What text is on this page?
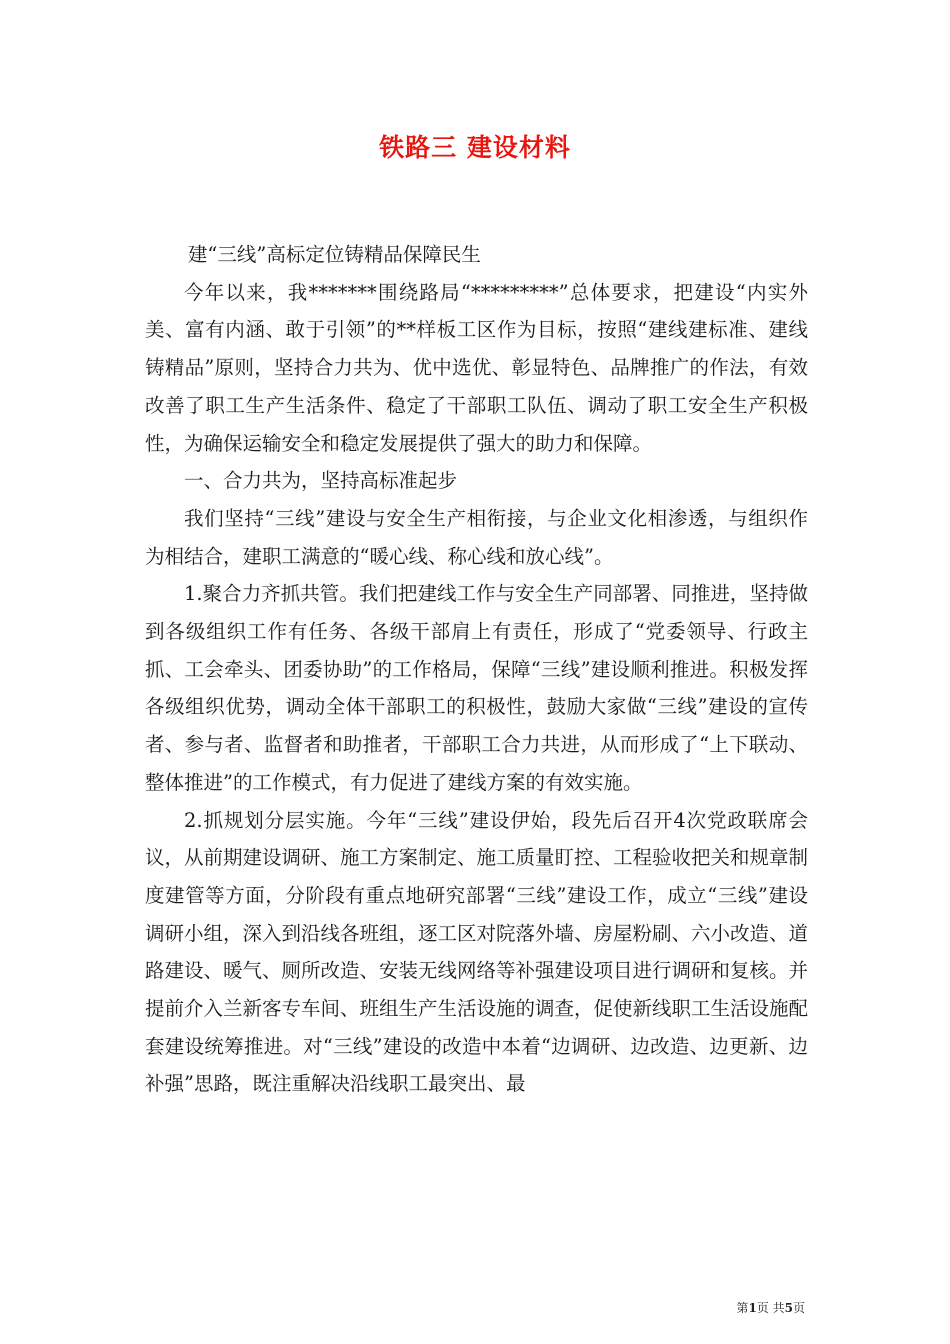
铁路三 建设材料

建“三线”高标定位铸精品保障民生

今年以来，我*******围绕路局“*********”总体要求，把建设“内实外美、富有内涵、敢于引领”的**样板工区作为目标，按照“建线建标准、建线铸精品”原则，坚持合力共为、优中选优、彰显特色、品牌推广的作法，有效改善了职工生产生活条件、稳定了干部职工队伍、调动了职工安全生产积极性，为确保运输安全和稳定发展提供了强大的助力和保障。

一、合力共为，坚持高标准起步

我们坚持“三线”建设与安全生产相衔接，与企业文化相渗透，与组织作为相结合，建职工满意的“暖心线、称心线和放心线”。

1.聚合力齐抓共管。我们把建线工作与安全生产同部署、同推进，坚持做到各级组织工作有任务、各级干部肩上有责任，形成了“党委领导、行政主抓、工会牵头、团委协助”的工作格局，保障“三线”建设顺利推进。积极发挥各级组织优势，调动全体干部职工的积极性，鼓励大家做“三线”建设的宣传者、参与者、监督者和助推者，干部职工合力共进，从而形成了“上下联动、整体推进”的工作模式，有力促进了建线方案的有效实施。

2.抓规划分层实施。今年“三线”建设伊始，段先后召开4次党政联席会议，从前期建设调研、施工方案制定、施工质量盯控、工程验收把关和规章制度建管等方面，分阶段有重点地研究部署“三线”建设工作，成立“三线”建设调研小组，深入到沿线各班组，逐工区对院落外墙、房屋粉刷、六小改造、道路建设、暖气、厕所改造、安装无线网络等补强建设项目进行调研和复核。并提前介入兰新客专车间、班组生产生活设施的调查，促使新线职工生活设施配套建设统筹推进。对“三线”建设的改造中本着“边调研、边改造、边更新、边补强”思路，既注重解决沿线职工最突出、最

第1页 共5页
